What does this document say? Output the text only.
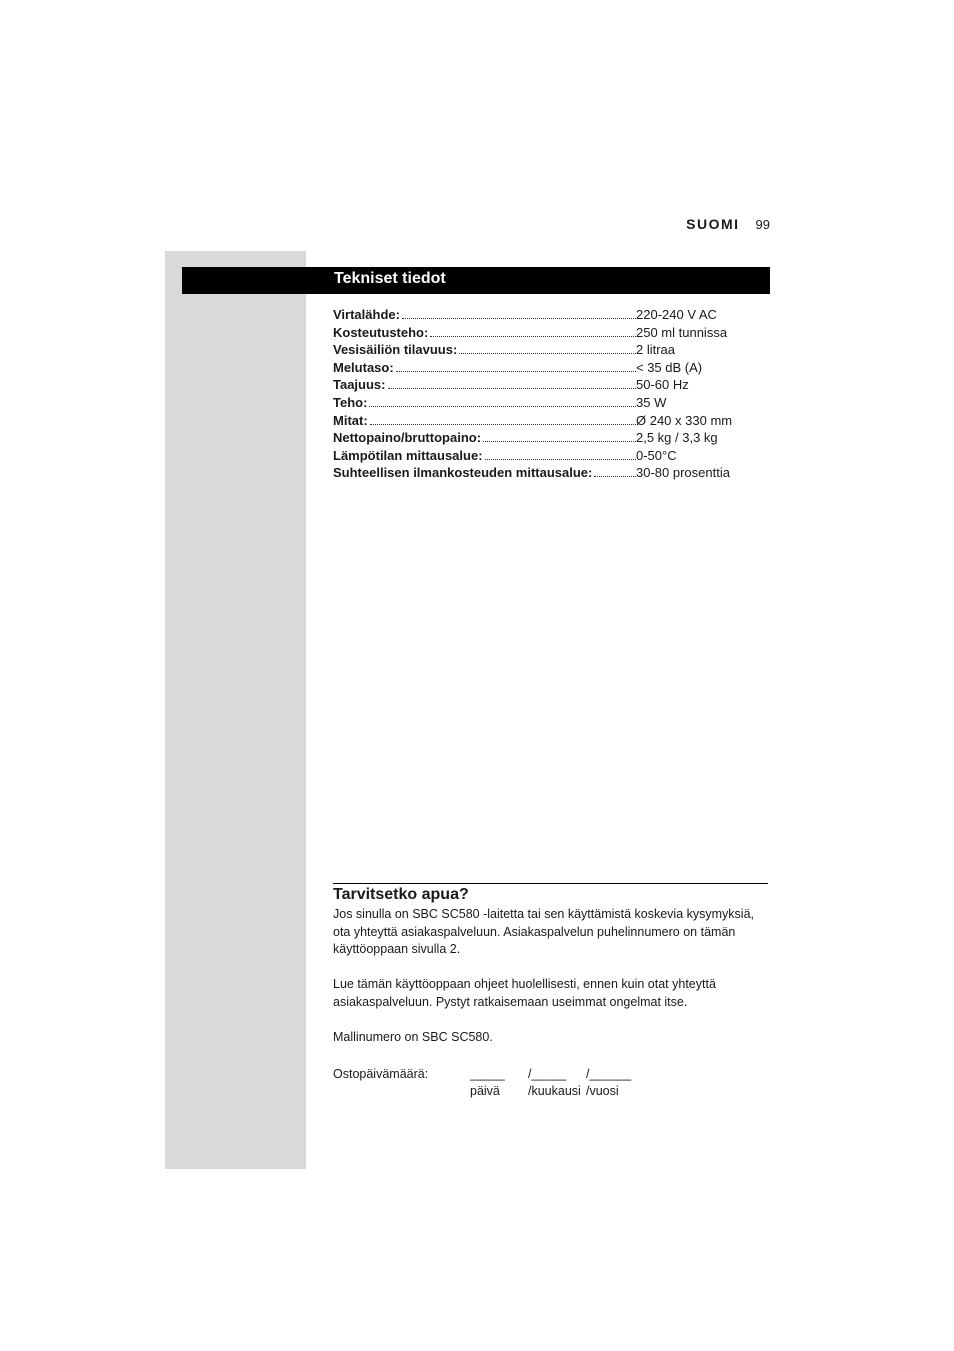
SUOMI 99
Tekniset tiedot
Virtalähde:	220-240 V AC
Kosteutusteho:	250 ml tunnissa
Vesisäiliön tilavuus:	2 litraa
Melutaso:	< 35 dB (A)
Taajuus:	50-60 Hz
Teho:	35 W
Mitat:	Ø 240 x 330 mm
Nettopaino/bruttopaino:	2,5 kg / 3,3 kg
Lämpötilan mittausalue:	0-50°C
Suhteellisen ilmankosteuden mittausalue:	30-80 prosenttia
Tarvitsetko apua?

Jos sinulla on SBC SC580 -laitetta tai sen käyttämistä koskevia kysymyksiä, ota yhteyttä asiakaspalveluun. Asiakaspalvelun puhelinnumero on tämän käyttöoppaan sivulla 2.

Lue tämän käyttöoppaan ohjeet huolellisesti, ennen kuin otat yhteyttä asiakaspalveluun. Pystyt ratkaisemaan useimmat ongelmat itse.

Mallinumero on SBC SC580.

Ostopäivämäärä:	_____ /_____ /______
päivä /kuukausi /vuosi
